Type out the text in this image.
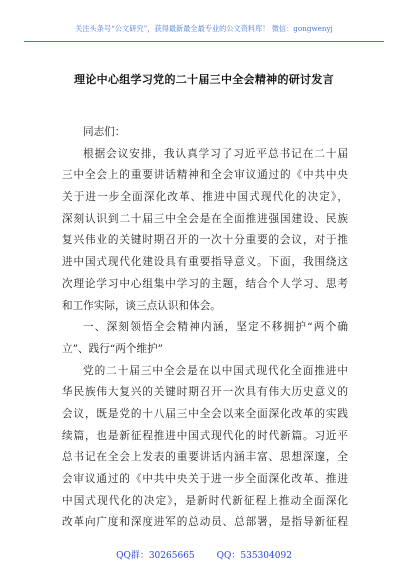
关注头条号“公文研究”，获得最新最全最专业的公文资料库！ 微信：gongwenyj
理论中心组学习党的二十届三中全会精神的研讨发言
同志们：
根据会议安排，我认真学习了习近平总书记在二十届
三中全会上的重要讲话精神和全会审议通过的《中共中央
关于进一步全面深化改革、推进中国式现代化的决定》，
深刻认识到二十届三中全会是在全面推进强国建设、民族
复兴伟业的关键时期召开的一次十分重要的会议，对于推
进中国式现代化建设具有重要指导意义。下面，我围绕这
次理论学习中心组集中学习的主题，结合个人学习、思考
和工作实际，谈三点认识和体会。
一、深刻领悟全会精神内涵，坚定不移拥护“两个确
立”、践行“两个维护”
党的二十届三中全会是在以中国式现代化全面推进中
华民族伟大复兴的关键时期召开一次具有伟大历史意义的
会议，既是党的十八届三中全会以来全面深化改革的实践
续篇，也是新征程推进中国式现代化的时代新篇。习近平
总书记在全会上发表的重要讲话内涵丰富、思想深邃，全
会审议通过的《中共中央关于进一步全面深化改革、推进
中国式现代化的决定》，是新时代新征程上推动全面深化
改革向广度和深度进军的总动员、总部署，是指导新征程
QQ群：30265665 QQ：535304092
